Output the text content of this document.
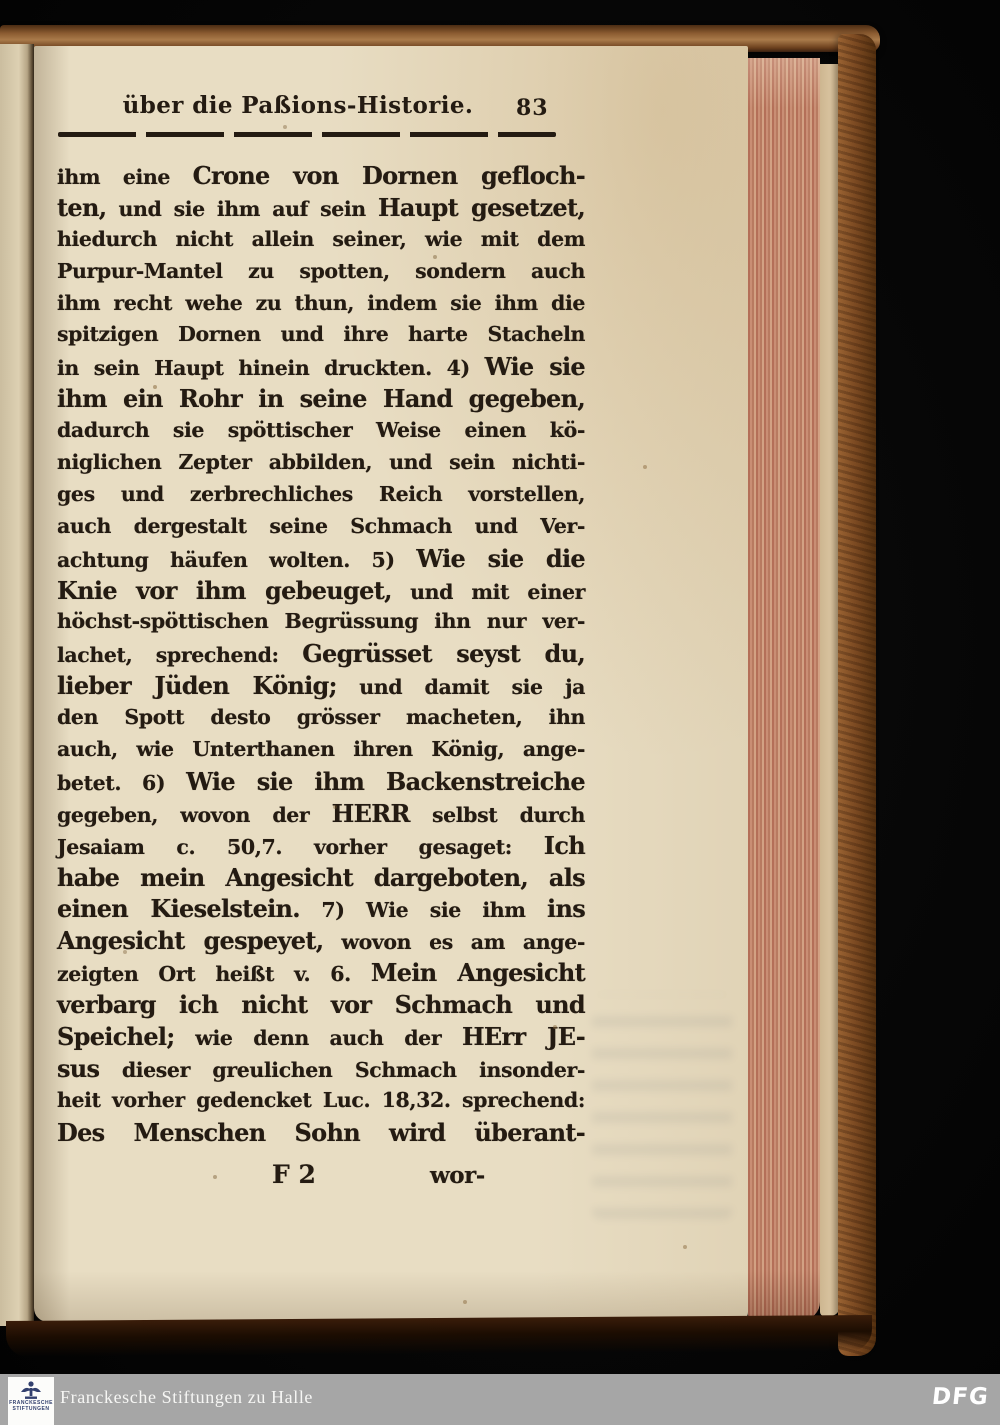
über die Paßions-Historie. 83
ihm eine Crone von Dornen gefloch-
ten, und sie ihm auf sein Haupt gesetzet,
hiedurch nicht allein seiner, wie mit dem
Purpur-Mantel zu spotten, sondern auch
ihm recht wehe zu thun, indem sie ihm die
spitzigen Dornen und ihre harte Stacheln
in sein Haupt hinein druckten. 4) Wie sie
ihm ein Rohr in seine Hand gegeben,
dadurch sie spöttischer Weise einen kö-
niglichen Zepter abbilden, und sein nichti-
ges und zerbrechliches Reich vorstellen,
auch dergestalt seine Schmach und Ver-
achtung häufen wolten. 5) Wie sie die
Knie vor ihm gebeuget, und mit einer
höchst-spöttischen Begrüssung ihn nur ver-
lachet, sprechend: Gegrüsset seyst du,
lieber Jüden König; und damit sie ja
den Spott desto grösser macheten, ihn
auch, wie Unterthanen ihren König, ange-
betet. 6) Wie sie ihm Backenstreiche
gegeben, wovon der HERR selbst durch
Jesaiam c. 50,7. vorher gesaget: Ich
habe mein Angesicht dargeboten, als
einen Kieselstein. 7) Wie sie ihm ins
Angesicht gespeyet, wovon es am ange-
zeigten Ort heißt v. 6. Mein Angesicht
verbarg ich nicht vor Schmach und
Speichel; wie denn auch der HErr JE-
sus dieser greulichen Schmach insonder-
heit vorher gedencket Luc. 18,32. sprechend:
Des Menschen Sohn wird überant-
F 2	wor-
FRANCKESCHE
STIFTUNGEN
Franckesche Stiftungen zu Halle	DFG
